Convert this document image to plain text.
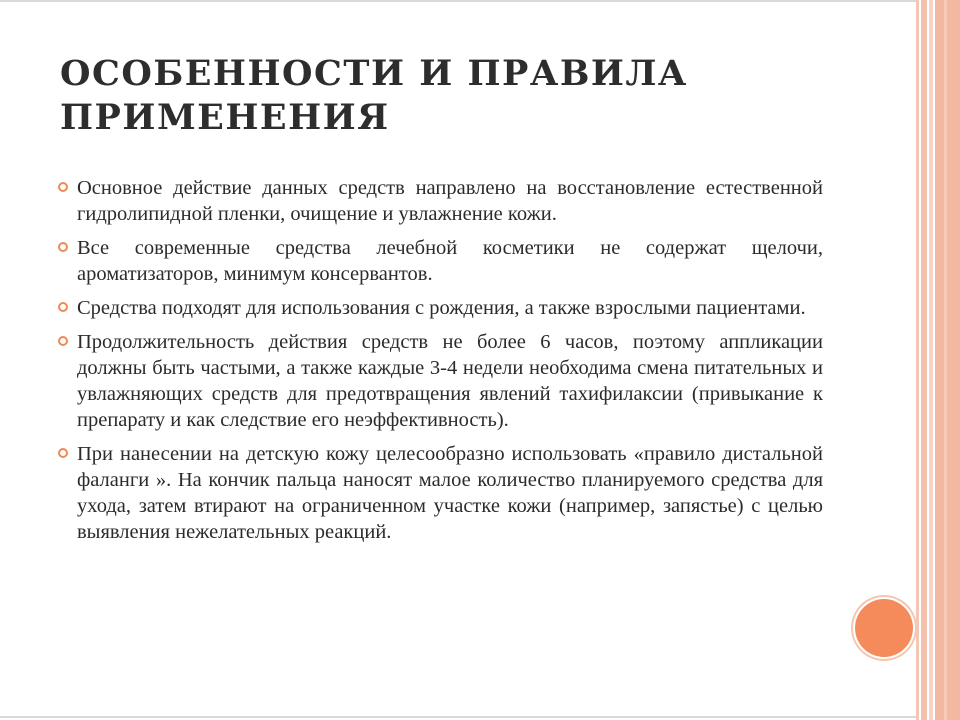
ОСОБЕННОСТИ И ПРАВИЛА ПРИМЕНЕНИЯ
Основное действие данных средств направлено на восстановление естественной гидролипидной пленки, очищение и увлажнение кожи.
Все современные средства лечебной косметики не содержат щелочи, ароматизаторов, минимум консервантов.
Средства подходят для использования с рождения, а также взрослыми пациентами.
Продолжительность действия средств не более 6 часов, поэтому аппликации должны быть частыми, а также каждые 3-4 недели необходима смена питательных и увлажняющих средств для предотвращения явлений тахифилаксии (привыкание к препарату и как следствие его неэффективность).
При нанесении на детскую кожу целесообразно использовать «правило дистальной фаланги ». На кончик пальца наносят малое количество планируемого средства для ухода, затем втирают на ограниченном участке кожи (например, запястье) с целью выявления нежелательных реакций.
